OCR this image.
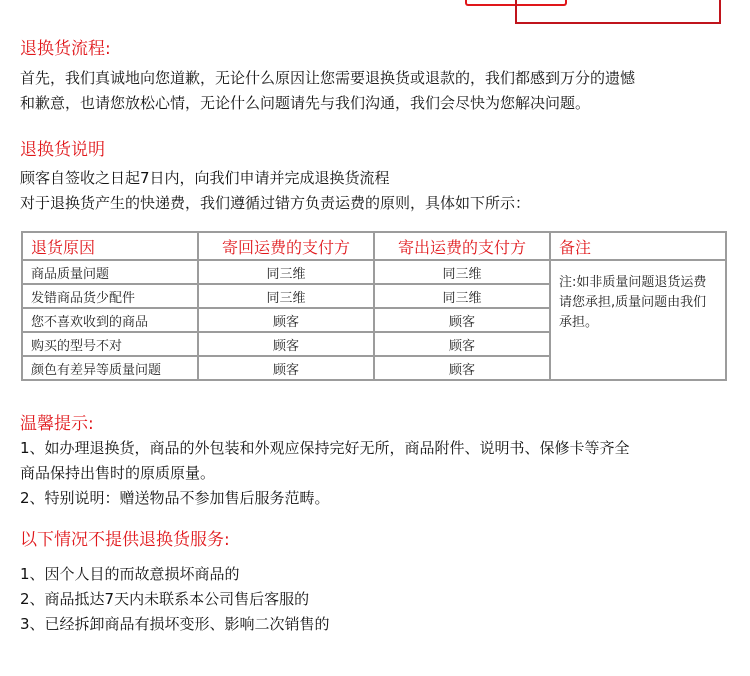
退换货流程:
首先，我们真诚地向您道歉，无论什么原因让您需要退换货或退款的，我们都感到万分的遗憾
和歉意，也请您放松心情，无论什么问题请先与我们沟通，我们会尽快为您解决问题。
退换货说明
顾客自签收之日起7日内，向我们申请并完成退换货流程
对于退换货产生的快递费，我们遵循过错方负责运费的原则，具体如下所示：
退货原因	寄回运费的支付方	寄出运费的支付方	备注
商品质量问题	同三维	同三维	注:如非质量问题退货运费请您承担,质量问题由我们承担。
发错商品货少配件	同三维	同三维	
您不喜欢收到的商品	顾客	顾客	
购买的型号不对	顾客	顾客	
颜色有差异等质量问题	顾客	顾客	
温馨提示:
1、如办理退换货，商品的外包装和外观应保持完好无所，商品附件、说明书、保修卡等齐全
商品保持出售时的原质原量。
2、特别说明：赠送物品不参加售后服务范畴。
以下情况不提供退换货服务:
1、因个人目的而故意损坏商品的
2、商品抵达7天内未联系本公司售后客服的
3、已经拆卸商品有损坏变形、影响二次销售的
